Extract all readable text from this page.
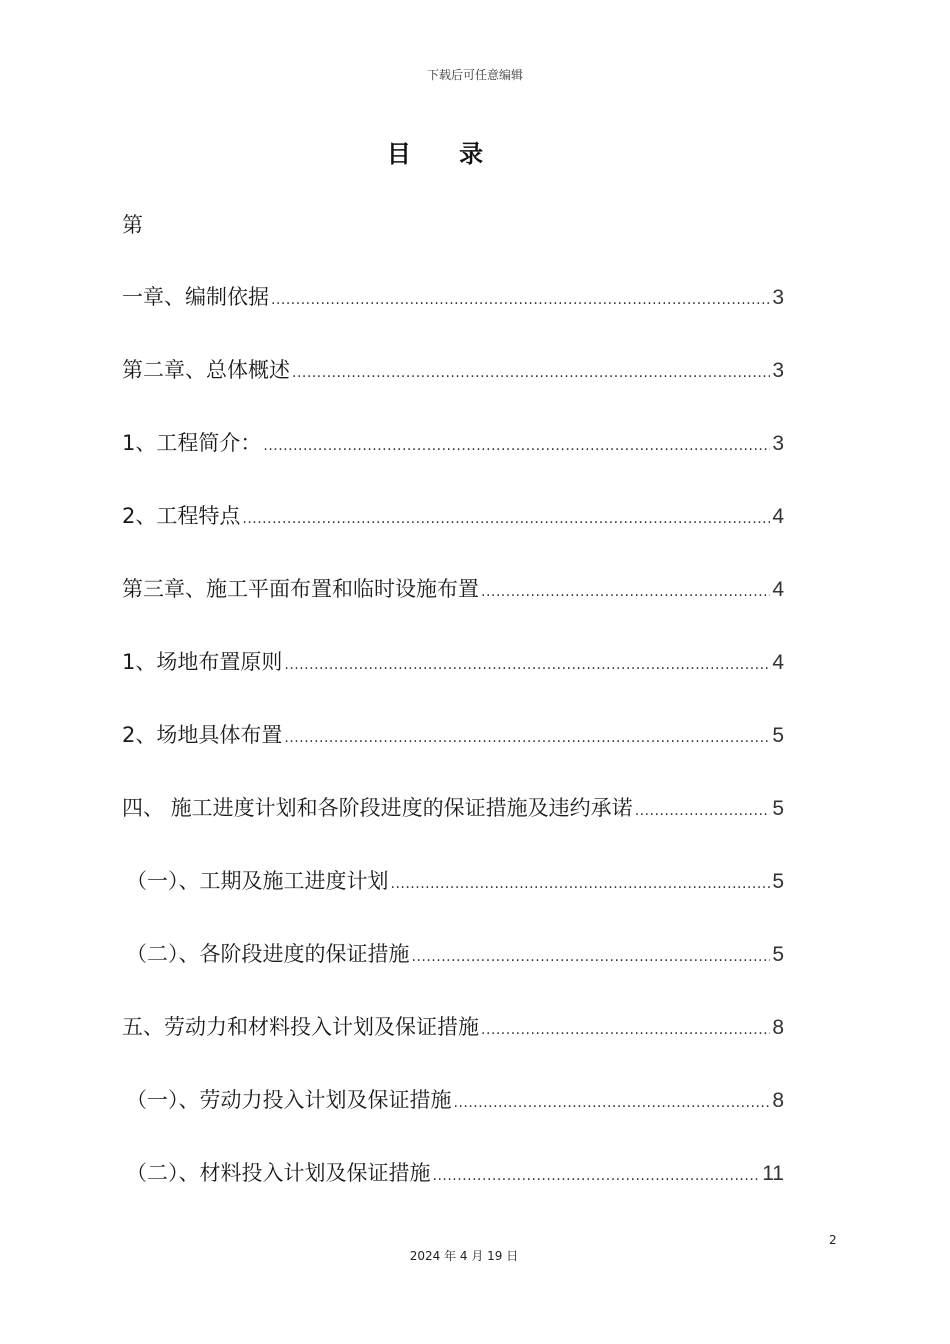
下载后可任意编辑
目 录
第
一章、编制依据 .....	3
第二章、总体概述 .....	3
1、工程简介： .....	3
2、工程特点 .....	4
第三章、施工平面布置和临时设施布置 .....	4
1、场地布置原则 .....	4
2、场地具体布置 .....	5
四、 施工进度计划和各阶段进度的保证措施及违约承诺 .....	5
（一）、工期及施工进度计划 .....	5
（二）、各阶段进度的保证措施 .....	5
五、劳动力和材料投入计划及保证措施 .....	8
（一）、劳动力投入计划及保证措施 .....	8
（二）、材料投入计划及保证措施 .....	11
2
2024 年 4 月 19 日
